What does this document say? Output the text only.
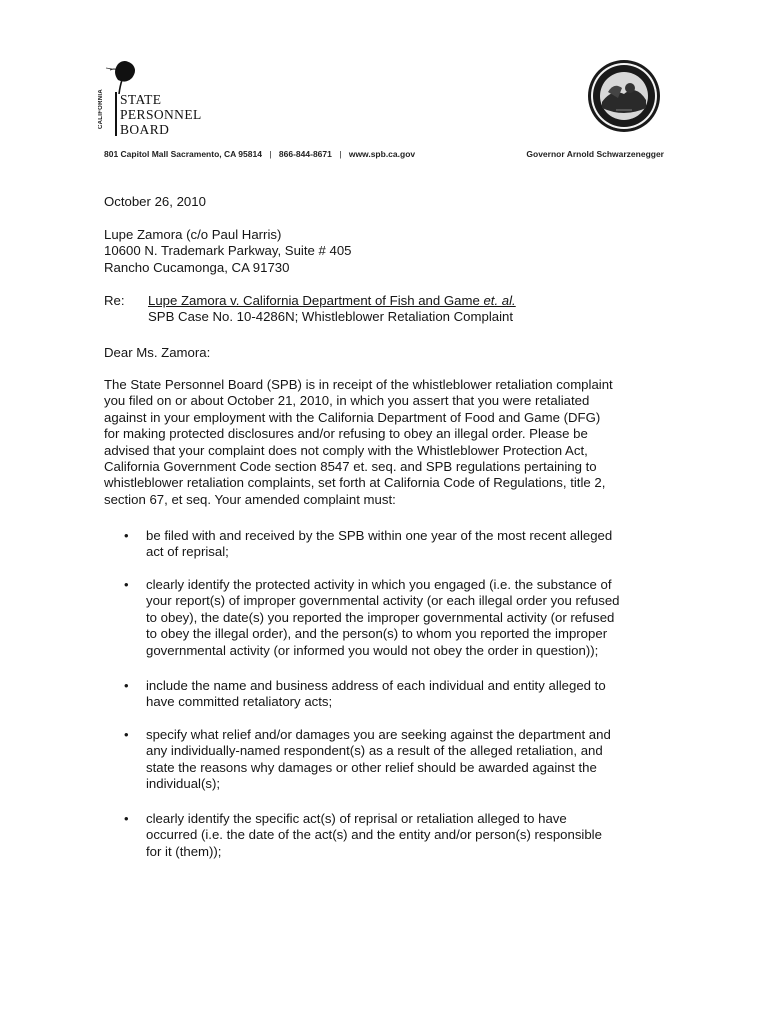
CALIFORNIA	STATE
PERSONNEL
BOARD
801 Capitol Mall Sacramento, CA 95814 | 866-844-8671 | www.spb.ca.gov	Governor Arnold Schwarzenegger
October 26, 2010
Lupe Zamora (c/o Paul Harris)
10600 N. Trademark Parkway, Suite # 405
Rancho Cucamonga, CA 91730
Re: Lupe Zamora v. California Department of Fish and Game et. al.
SPB Case No. 10-4286N; Whistleblower Retaliation Complaint
Dear Ms. Zamora:
The State Personnel Board (SPB) is in receipt of the whistleblower retaliation complaint
you filed on or about October 21, 2010, in which you assert that you were retaliated
against in your employment with the California Department of Food and Game (DFG)
for making protected disclosures and/or refusing to obey an illegal order. Please be
advised that your complaint does not comply with the Whistleblower Protection Act,
California Government Code section 8547 et. seq. and SPB regulations pertaining to
whistleblower retaliation complaints, set forth at California Code of Regulations, title 2,
section 67, et seq. Your amended complaint must:
• be filed with and received by the SPB within one year of the most recent alleged
act of reprisal;
• clearly identify the protected activity in which you engaged (i.e. the substance of
your report(s) of improper governmental activity (or each illegal order you refused
to obey), the date(s) you reported the improper governmental activity (or refused
to obey the illegal order), and the person(s) to whom you reported the improper
governmental activity (or informed you would not obey the order in question));
• include the name and business address of each individual and entity alleged to
have committed retaliatory acts;
• specify what relief and/or damages you are seeking against the department and
any individually-named respondent(s) as a result of the alleged retaliation, and
state the reasons why damages or other relief should be awarded against the
individual(s);
• clearly identify the specific act(s) of reprisal or retaliation alleged to have
occurred (i.e. the date of the act(s) and the entity and/or person(s) responsible
for it (them));
